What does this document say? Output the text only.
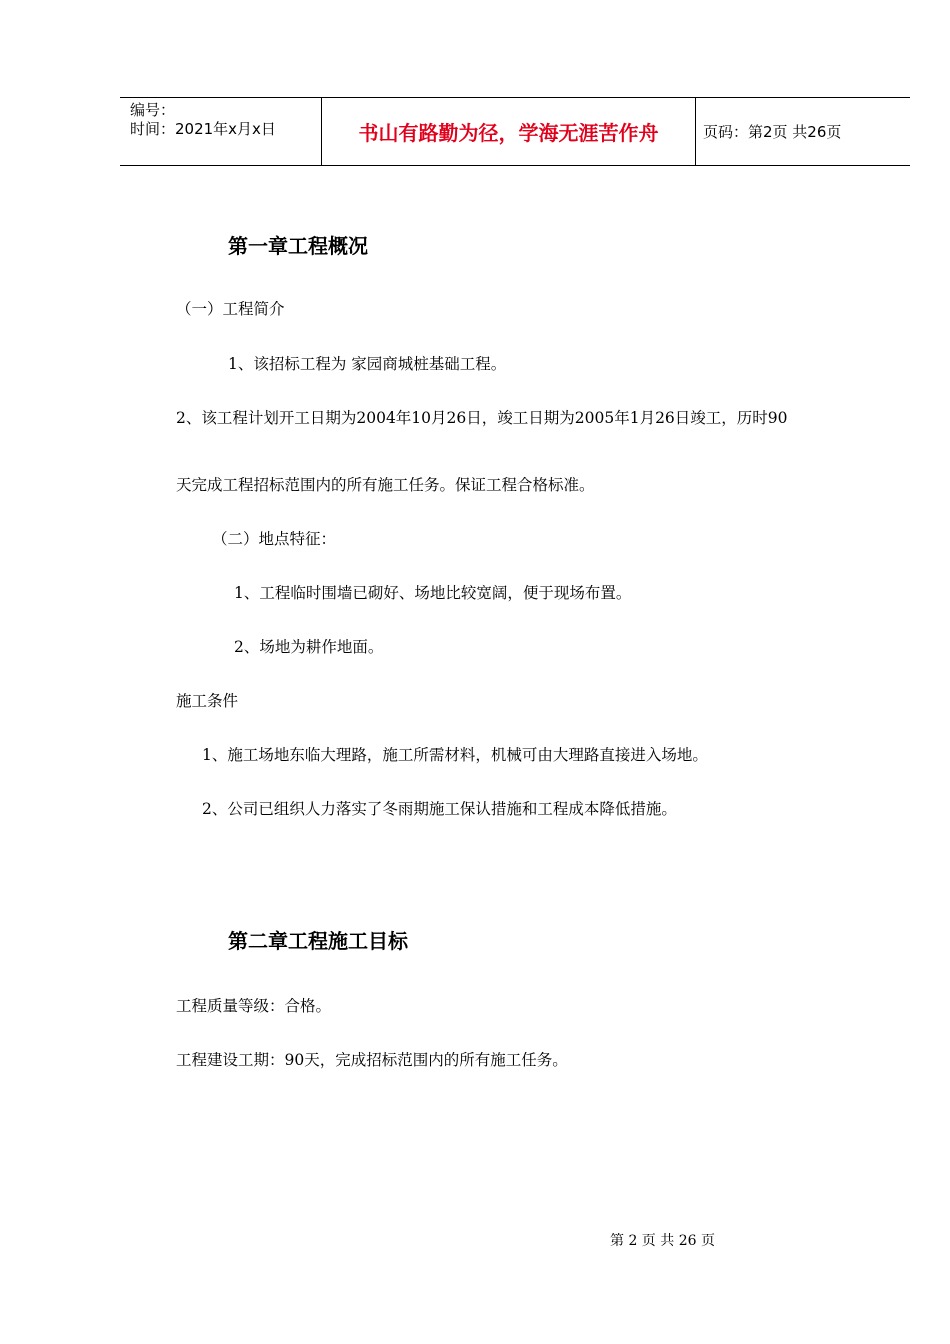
编号：
时间：2021年x月x日	书山有路勤为径，学海无涯苦作舟	页码：第2页 共26页
第一章工程概况
（一）工程简介
1、该招标工程为 家园商城桩基础工程。
2、该工程计划开工日期为2004年10月26日，竣工日期为2005年1月26日竣工，历时90
天完成工程招标范围内的所有施工任务。保证工程合格标准。
（二）地点特征：
1、工程临时围墙已砌好、场地比较宽阔，便于现场布置。
2、场地为耕作地面。
施工条件
1、施工场地东临大理路，施工所需材料，机械可由大理路直接进入场地。
2、公司已组织人力落实了冬雨期施工保认措施和工程成本降低措施。
第二章工程施工目标
工程质量等级：合格。
工程建设工期：90天，完成招标范围内的所有施工任务。
第 2 页 共 26 页
